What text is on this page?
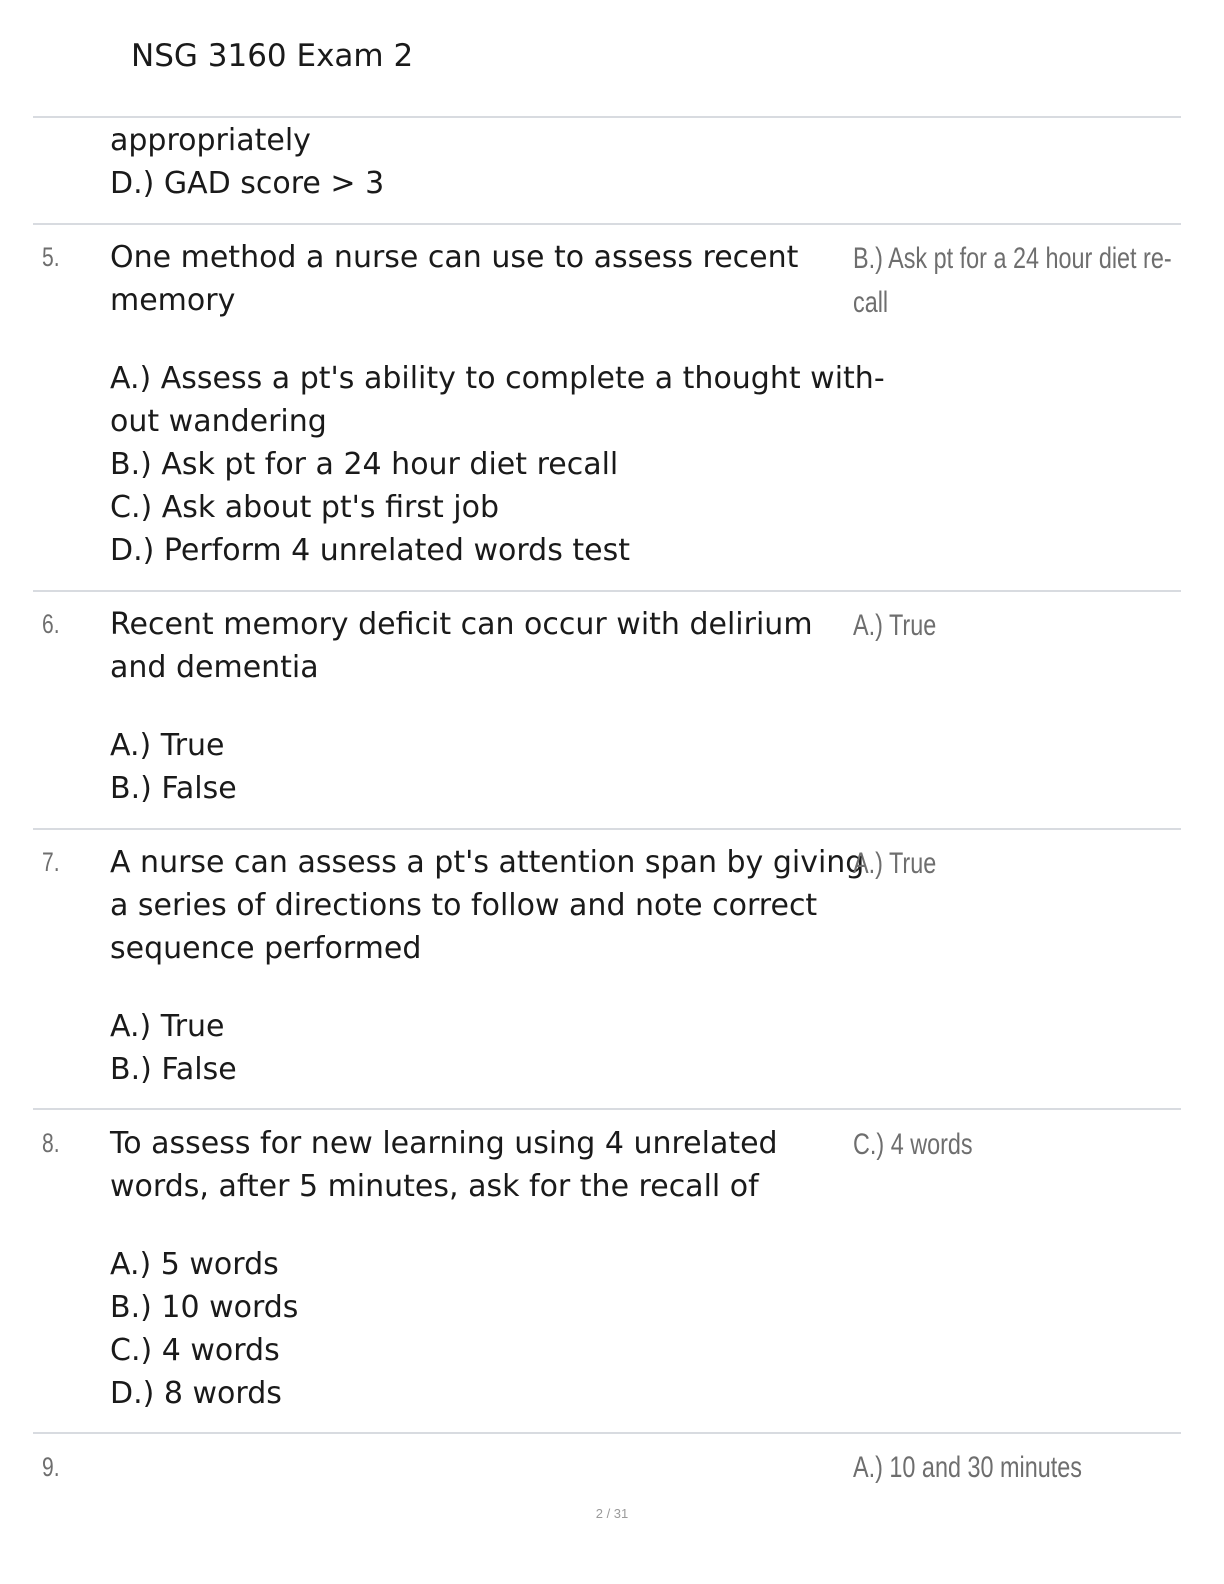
NSG 3160 Exam 2
appropriately
D.) GAD score > 3
5. One method a nurse can use to assess recent
memory
A.) Assess a pt's ability to complete a thought with-
out wandering
B.) Ask pt for a 24 hour diet recall
C.) Ask about pt's first job
D.) Perform 4 unrelated words test
B.) Ask pt for a 24 hour diet re-
call
6. Recent memory deficit can occur with delirium
and dementia
A.) True
B.) False
A.) True
7. A nurse can assess a pt's attention span by giving
a series of directions to follow and note correct
sequence performed
A.) True
B.) False
A.) True
8. To assess for new learning using 4 unrelated
words, after 5 minutes, ask for the recall of
A.) 5 words
B.) 10 words
C.) 4 words
D.) 8 words
C.) 4 words
9.	A.) 10 and 30 minutes
2 / 31
